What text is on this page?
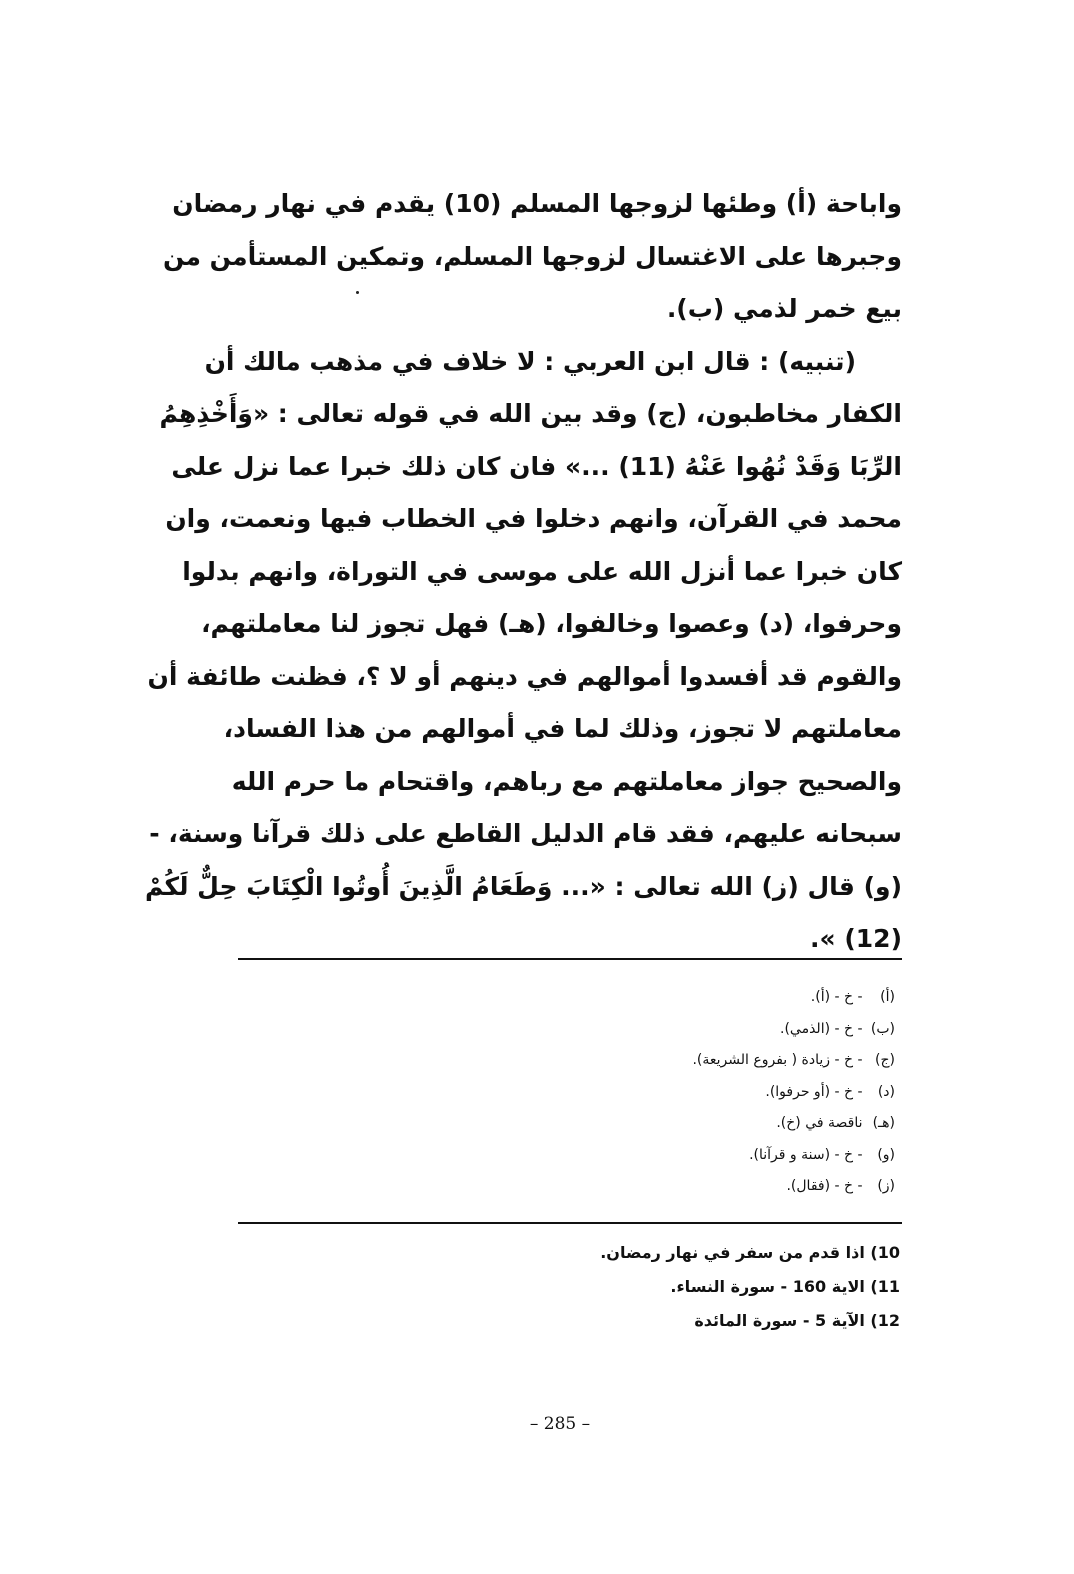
واباحة (أ) وطئها لزوجها المسلم (10) يقدم في نهار رمضان
وجبرها على الاغتسال لزوجها المسلم، وتمكين المستأمن من
بيع خمر لذمي (ب).
(تنبيه) : قال ابن العربي : لا خلاف في مذهب مالك أن
الكفار مخاطبون، (ج) وقد بين الله في قوله تعالى : «وَأَخْذِهِمُ
الرِّبَا وَقَدْ نُهُوا عَنْهُ (11) ...» فان كان ذلك خبرا عما نزل على
محمد في القرآن، وانهم دخلوا في الخطاب فيها ونعمت، وان
كان خبرا عما أنزل الله على موسى في التوراة، وانهم بدلوا
وحرفوا، (د) وعصوا وخالفوا، (هـ) فهل تجوز لنا معاملتهم،
والقوم قد أفسدوا أموالهم في دينهم أو لا ؟، فظنت طائفة أن
معاملتهم لا تجوز، وذلك لما في أموالهم من هذا الفساد،
والصحيح جواز معاملتهم مع رباهم، واقتحام ما حرم الله
سبحانه عليهم، فقد قام الدليل القاطع على ذلك قرآنا وسنة، -
(و) قال (ز) الله تعالى : «... وَطَعَامُ الَّذِينَ أُوتُوا الْكِتَابَ حِلٌّ لَكُمْ
(12) ».
(أ) - خ - (أ).
(ب) - خ - (الذمي).
(ج) - خ - زيادة ( بفروع الشريعة).
(د) - خ - (أو حرفوا).
(هـ) ناقصة في (خ).
(و) - خ - (سنة و قرآنا).
(ز) - خ - (فقال).
10) اذا قدم من سفر في نهار رمضان.
11) الاية 160 - سورة النساء.
12) الآية 5 - سورة المائدة
– 285 –
